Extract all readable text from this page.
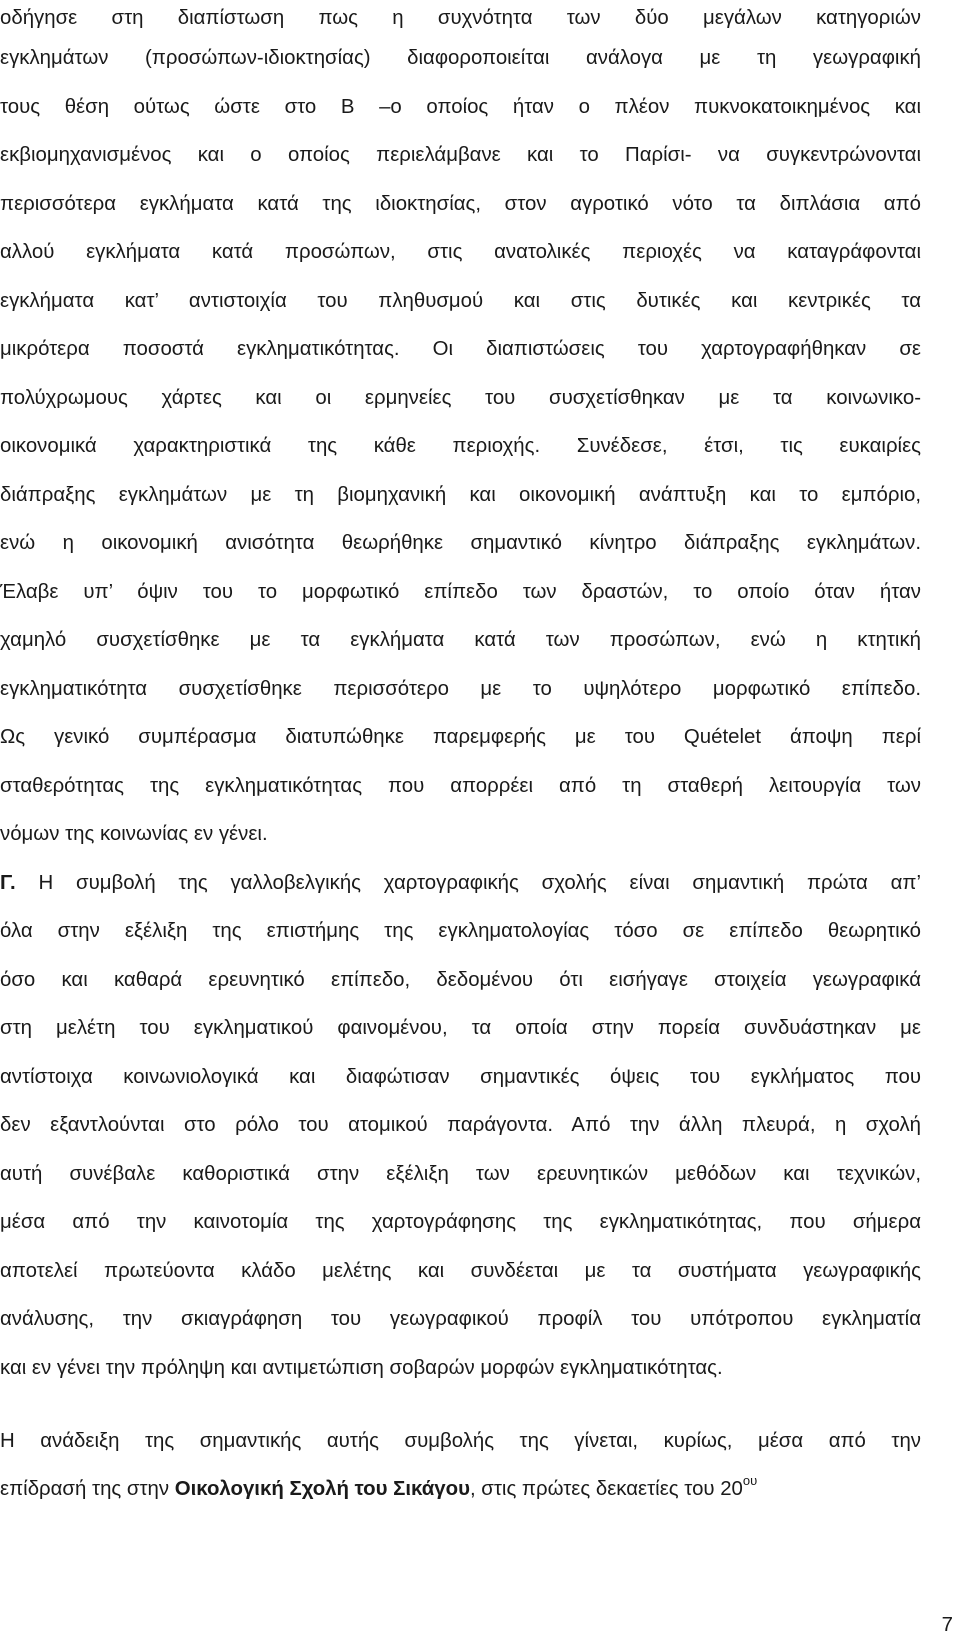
οδήγησε στη διαπίστωση πως η συχνότητα των δύο μεγάλων κατηγοριών
εγκλημάτων (προσώπων-ιδιοκτησίας) διαφοροποιείται ανάλογα με τη γεωγραφική
τους θέση ούτως ώστε στο Β –ο οποίος ήταν ο πλέον πυκνοκατοικημένος και
εκβιομηχανισμένος και ο οποίος περιελάμβανε και το Παρίσι- να συγκεντρώνονται
περισσότερα εγκλήματα κατά της ιδιοκτησίας, στον αγροτικό νότο τα διπλάσια από
αλλού εγκλήματα κατά προσώπων, στις ανατολικές περιοχές να καταγράφονται
εγκλήματα κατ’ αντιστοιχία του πληθυσμού και στις δυτικές και κεντρικές τα
μικρότερα ποσοστά εγκληματικότητας. Οι διαπιστώσεις του χαρτογραφήθηκαν σε
πολύχρωμους χάρτες και οι ερμηνείες του συσχετίσθηκαν με τα κοινωνικο-
οικονομικά χαρακτηριστικά της κάθε περιοχής. Συνέδεσε, έτσι, τις ευκαιρίες
διάπραξης εγκλημάτων με τη βιομηχανική και οικονομική ανάπτυξη και το εμπόριο,
ενώ η οικονομική ανισότητα θεωρήθηκε σημαντικό κίνητρο διάπραξης εγκλημάτων.
Έλαβε υπ’ όψιν του το μορφωτικό επίπεδο των δραστών, το οποίο όταν ήταν
χαμηλό συσχετίσθηκε με τα εγκλήματα κατά των προσώπων, ενώ η κτητική
εγκληματικότητα συσχετίσθηκε περισσότερο με το υψηλότερο μορφωτικό επίπεδο.
Ως γενικό συμπέρασμα διατυπώθηκε παρεμφερής με του Quételet άποψη περί
σταθερότητας της εγκληματικότητας που απορρέει από τη σταθερή λειτουργία των
νόμων της κοινωνίας εν γένει.
Γ. Η συμβολή της γαλλοβελγικής χαρτογραφικής σχολής είναι σημαντική πρώτα απ’
όλα στην εξέλιξη της επιστήμης της εγκληματολογίας τόσο σε επίπεδο θεωρητικό
όσο και καθαρά ερευνητικό επίπεδο, δεδομένου ότι εισήγαγε στοιχεία γεωγραφικά
στη μελέτη του εγκληματικού φαινομένου, τα οποία στην πορεία συνδυάστηκαν με
αντίστοιχα κοινωνιολογικά και διαφώτισαν σημαντικές όψεις του εγκλήματος που
δεν εξαντλούνται στο ρόλο του ατομικού παράγοντα. Από την άλλη πλευρά, η σχολή
αυτή συνέβαλε καθοριστικά στην εξέλιξη των ερευνητικών μεθόδων και τεχνικών,
μέσα από την καινοτομία της χαρτογράφησης της εγκληματικότητας, που σήμερα
αποτελεί πρωτεύοντα κλάδο μελέτης και συνδέεται με τα συστήματα γεωγραφικής
ανάλυσης, την σκιαγράφηση του γεωγραφικού προφίλ του υπότροπου εγκληματία
και εν γένει την πρόληψη και αντιμετώπιση σοβαρών μορφών εγκληματικότητας.
Η ανάδειξη της σημαντικής αυτής συμβολής της γίνεται, κυρίως, μέσα από την
επίδρασή της στην Οικολογική Σχολή του Σικάγου, στις πρώτες δεκαετίες του $20^{o\upsilon}$
7
